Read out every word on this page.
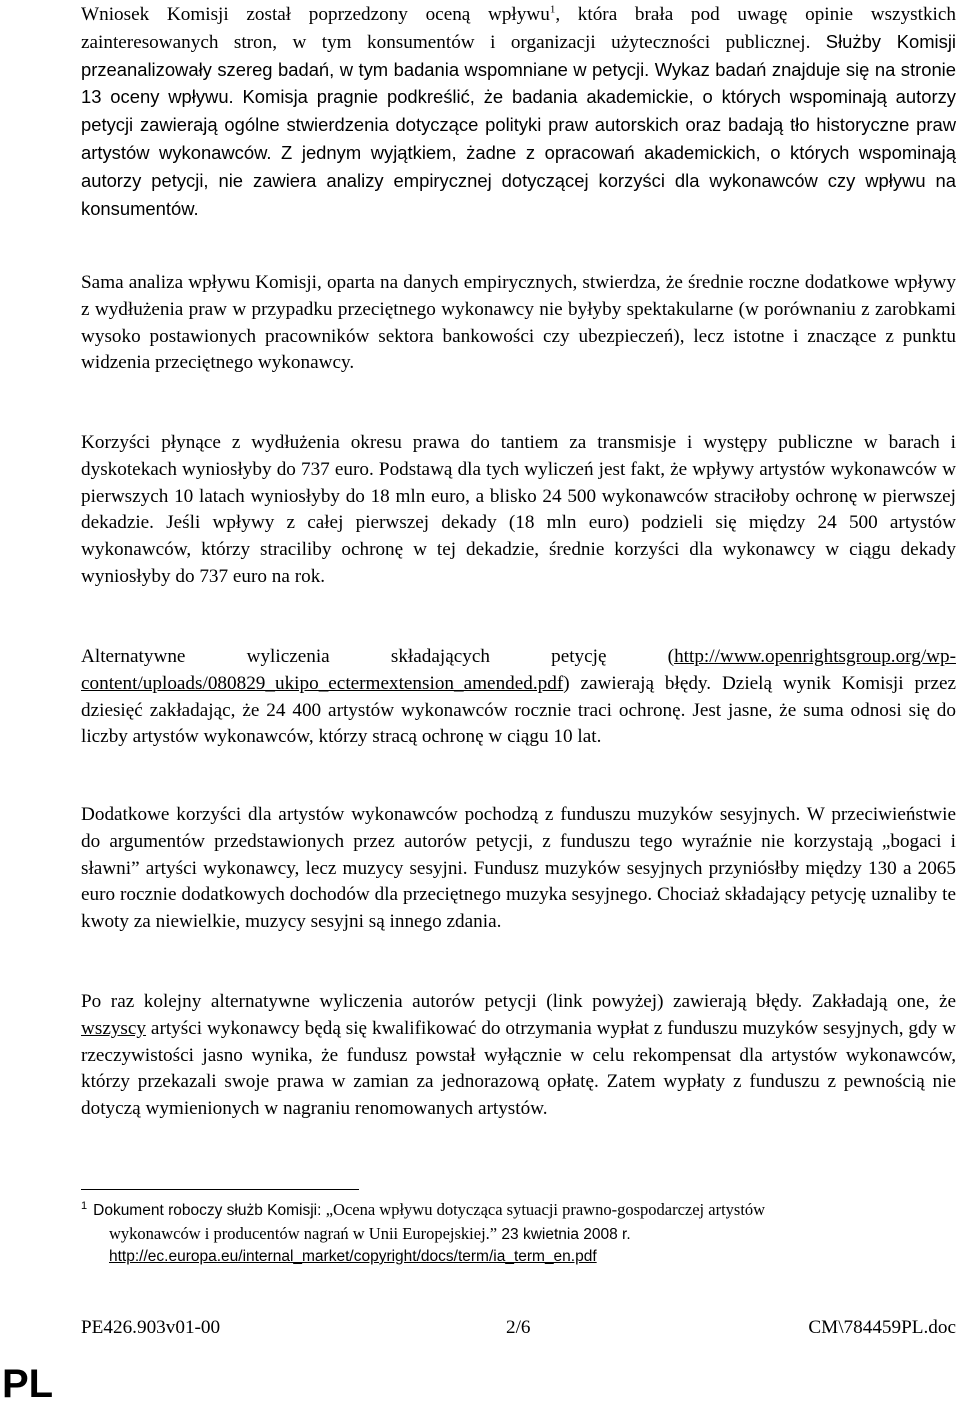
Wniosek Komisji został poprzedzony oceną wpływu$^1$, która brała pod uwagę opinie wszystkich zainteresowanych stron, w tym konsumentów i organizacji użyteczności publicznej. Służby Komisji przeanalizowały szereg badań, w tym badania wspomniane w petycji. Wykaz badań znajduje się na stronie 13 oceny wpływu. Komisja pragnie podkreślić, że badania akademickie, o których wspominają autorzy petycji zawierają ogólne stwierdzenia dotyczące polityki praw autorskich oraz badają tło historyczne praw artystów wykonawców. Z jednym wyjątkiem, żadne z opracowań akademickich, o których wspominają autorzy petycji, nie zawiera analizy empirycznej dotyczącej korzyści dla wykonawców czy wpływu na konsumentów.

Sama analiza wpływu Komisji, oparta na danych empirycznych, stwierdza, że średnie roczne dodatkowe wpływy z wydłużenia praw w przypadku przeciętnego wykonawcy nie byłyby spektakularne (w porównaniu z zarobkami wysoko postawionych pracowników sektora bankowości czy ubezpieczeń), lecz istotne i znaczące z punktu widzenia przeciętnego wykonawcy.

Korzyści płynące z wydłużenia okresu prawa do tantiem za transmisje i występy publiczne w barach i dyskotekach wyniosłyby do 737 euro. Podstawą dla tych wyliczeń jest fakt, że wpływy artystów wykonawców w pierwszych 10 latach wyniosłyby do 18 mln euro, a blisko 24 500 wykonawców straciłoby ochronę w pierwszej dekadzie. Jeśli wpływy z całej pierwszej dekady (18 mln euro) podzieli się między 24 500 artystów wykonawców, którzy straciliby ochronę w tej dekadzie, średnie korzyści dla wykonawcy w ciągu dekady wyniosłyby do 737 euro na rok.

Alternatywne wyliczenia składających petycję (http://www.openrightsgroup.org/wp-content/uploads/080829_ukipo_ectermextension_amended.pdf) zawierają błędy. Dzielą wynik Komisji przez dziesięć zakładając, że 24 400 artystów wykonawców rocznie traci ochronę. Jest jasne, że suma odnosi się do liczby artystów wykonawców, którzy stracą ochronę w ciągu 10 lat.

Dodatkowe korzyści dla artystów wykonawców pochodzą z funduszu muzyków sesyjnych. W przeciwieństwie do argumentów przedstawionych przez autorów petycji, z funduszu tego wyraźnie nie korzystają „bogaci i sławni” artyści wykonawcy, lecz muzycy sesyjni. Fundusz muzyków sesyjnych przyniósłby między 130 a 2065 euro rocznie dodatkowych dochodów dla przeciętnego muzyka sesyjnego. Chociaż składający petycję uznaliby te kwoty za niewielkie, muzycy sesyjni są innego zdania.

Po raz kolejny alternatywne wyliczenia autorów petycji (link powyżej) zawierają błędy. Zakładają one, że wszyscy artyści wykonawcy będą się kwalifikować do otrzymania wypłat z funduszu muzyków sesyjnych, gdy w rzeczywistości jasno wynika, że fundusz powstał wyłącznie w celu rekompensat dla artystów wykonawców, którzy przekazali swoje prawa w zamian za jednorazową opłatę. Zatem wypłaty z funduszu z pewnością nie dotyczą wymienionych w nagraniu renomowanych artystów.

$^1$ Dokument roboczy służb Komisji: „Ocena wpływu dotycząca sytuacji prawno-gospodarczej artystów
wykonawców i producentów nagrań w Unii Europejskiej.” 23 kwietnia 2008 r.
http://ec.europa.eu/internal_market/copyright/docs/term/ia_term_en.pdf
PE426.903v01-00	2/6	CM\784459PL.doc
PL
